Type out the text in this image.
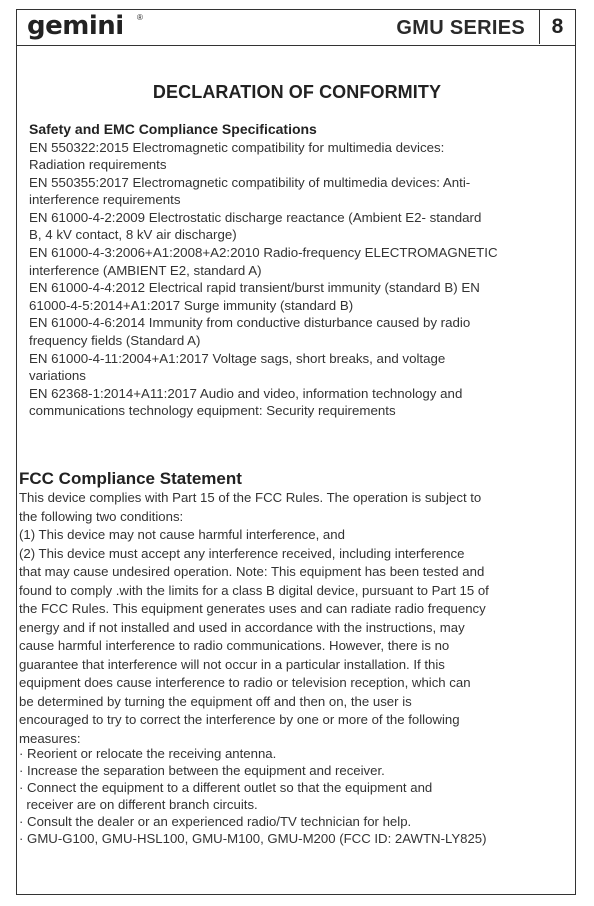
gemini ®	GMU SERIES	8
DECLARATION OF CONFORMITY
Safety and EMC Compliance Specifications
EN 550322:2015 Electromagnetic compatibility for multimedia devices:
Radiation requirements
EN 550355:2017 Electromagnetic compatibility of multimedia devices: Anti-
interference requirements
EN 61000-4-2:2009 Electrostatic discharge reactance (Ambient E2- standard
B, 4 kV contact, 8 kV air discharge)
EN 61000-4-3:2006+A1:2008+A2:2010 Radio-frequency ELECTROMAGNETIC
interference (AMBIENT E2, standard A)
EN 61000-4-4:2012 Electrical rapid transient/burst immunity (standard B) EN
61000-4-5:2014+A1:2017 Surge immunity (standard B)
EN 61000-4-6:2014 Immunity from conductive disturbance caused by radio
frequency fields (Standard A)
EN 61000-4-11:2004+A1:2017 Voltage sags, short breaks, and voltage
variations
EN 62368-1:2014+A11:2017 Audio and video, information technology and
communications technology equipment: Security requirements
FCC Compliance Statement
This device complies with Part 15 of the FCC Rules. The operation is subject to
the following two conditions:
(1) This device may not cause harmful interference, and
(2) This device must accept any interference received, including interference
that may cause undesired operation. Note: This equipment has been tested and
found to comply .with the limits for a class B digital device, pursuant to Part 15 of
the FCC Rules. This equipment generates uses and can radiate radio frequency
energy and if not installed and used in accordance with the instructions, may
cause harmful interference to radio communications. However, there is no
guarantee that interference will not occur in a particular installation. If this
equipment does cause interference to radio or television reception, which can
be determined by turning the equipment off and then on, the user is
encouraged to try to correct the interference by one or more of the following
measures:
· Reorient or relocate the receiving antenna.
· Increase the separation between the equipment and receiver.
· Connect the equipment to a different outlet so that the equipment and
receiver are on different branch circuits.
· Consult the dealer or an experienced radio/TV technician for help.
· GMU-G100, GMU-HSL100, GMU-M100, GMU-M200 (FCC ID: 2AWTN-LY825)
